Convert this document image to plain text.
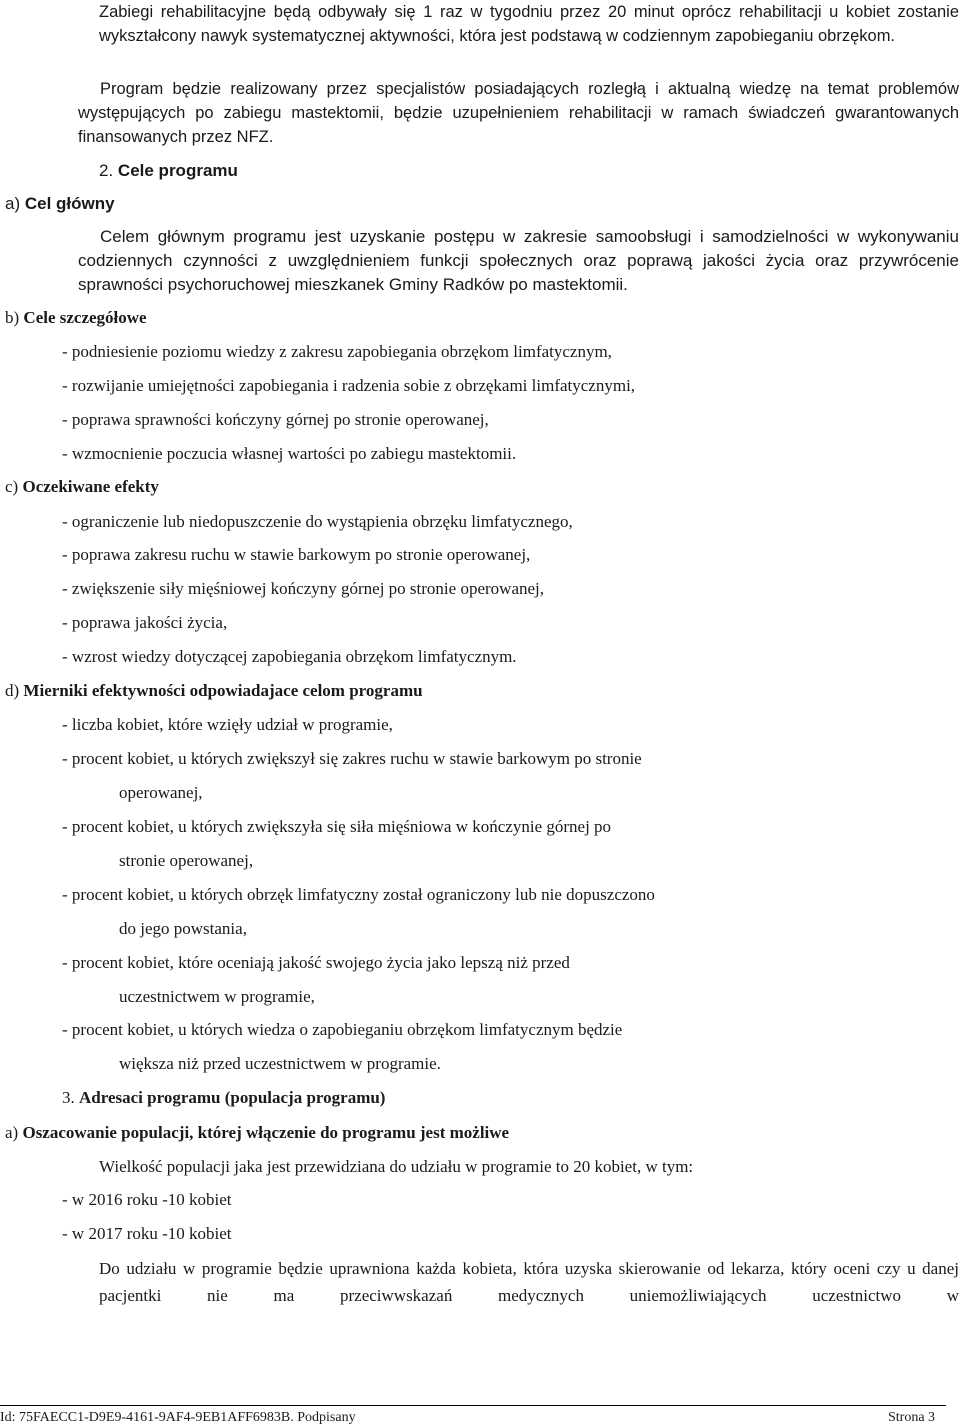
Zabiegi rehabilitacyjne będą odbywały się 1 raz w tygodniu przez 20 minut oprócz rehabilitacji u kobiet zostanie wykształcony nawyk systematycznej aktywności, która jest podstawą w codziennym zapobieganiu obrzękom.
Program będzie realizowany przez specjalistów posiadających rozległą i aktualną wiedzę na temat problemów występujących po zabiegu mastektomii, będzie uzupełnieniem rehabilitacji w ramach świadczeń gwarantowanych finansowanych przez NFZ.
2. Cele programu
a) Cel główny
Celem głównym programu jest uzyskanie postępu w zakresie samoobsługi i samodzielności w wykonywaniu codziennych czynności z uwzględnieniem funkcji społecznych oraz poprawą jakości życia oraz przywrócenie sprawności psychoruchowej mieszkanek Gminy Radków po mastektomii.
b) Cele szczegółowe
- podniesienie poziomu wiedzy z zakresu zapobiegania obrzękom limfatycznym,
- rozwijanie umiejętności zapobiegania i radzenia sobie z obrzękami limfatycznymi,
- poprawa sprawności kończyny górnej po stronie operowanej,
- wzmocnienie poczucia własnej wartości po zabiegu mastektomii.
c) Oczekiwane efekty
- ograniczenie lub niedopuszczenie do wystąpienia obrzęku limfatycznego,
- poprawa zakresu ruchu w stawie barkowym po stronie operowanej,
- zwiększenie siły mięśniowej kończyny górnej po stronie operowanej,
- poprawa jakości życia,
- wzrost wiedzy dotyczącej zapobiegania obrzękom limfatycznym.
d) Mierniki efektywności odpowiadajace celom programu
- liczba kobiet, które wzięły udział w programie,
- procent kobiet, u których zwiększył się zakres ruchu w stawie barkowym po stronie
operowanej,
- procent kobiet, u których zwiększyła się siła mięśniowa w kończynie górnej po
stronie operowanej,
- procent kobiet, u których obrzęk limfatyczny został ograniczony lub nie dopuszczono
do jego powstania,
- procent kobiet, które oceniają jakość swojego życia jako lepszą niż przed
uczestnictwem w programie,
- procent kobiet, u których wiedza o zapobieganiu obrzękom limfatycznym będzie
większa niż przed uczestnictwem w programie.
3. Adresaci programu (populacja programu)
a) Oszacowanie populacji, której włączenie do programu jest możliwe
Wielkość populacji jaka jest przewidziana do udziału w programie to 20 kobiet, w tym:
- w 2016 roku -10 kobiet
- w 2017 roku -10 kobiet
Do udziału w programie będzie uprawniona każda kobieta, która uzyska skierowanie od lekarza, który oceni czy u danej pacjentki nie ma przeciwwskazań medycznych uniemożliwiających uczestnictwo w
Id: 75FAECC1-D9E9-4161-9AF4-9EB1AFF6983B. Podpisany	Strona 3
